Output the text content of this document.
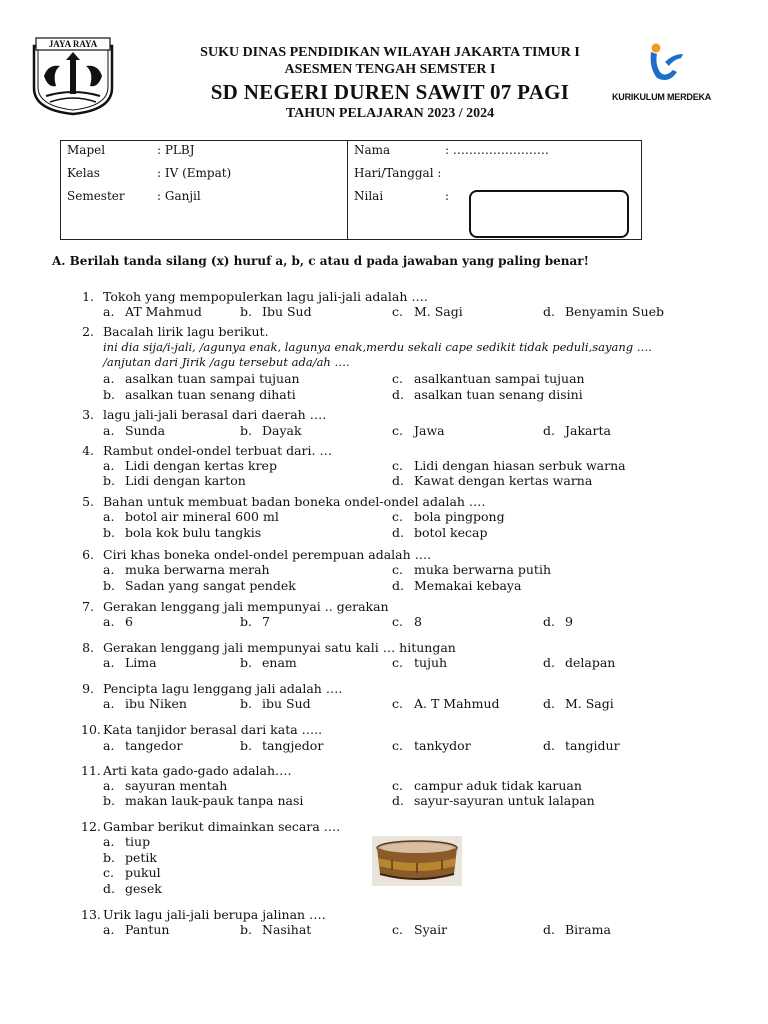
JAYA RAYA
SUKU DINAS PENDIDIKAN WILAYAH JAKARTA TIMUR I
ASESMEN TENGAH SEMSTER I
SD NEGERI DUREN SAWIT 07 PAGI
TAHUN PELAJARAN 2023 / 2024
KURIKULUM MERDEKA
Mapel	: PLBJ
Kelas	: IV (Empat)
Semester	: Ganjil
Nama	: ……………………
Hari/Tanggal :
Nilai	:
A. Berilah tanda silang (x) huruf a, b, c atau d pada jawaban yang paling benar!
1. Tokoh yang mempopulerkan lagu jali-jali adalah ….
a. AT Mahmud	b. Ibu Sud	c. M. Sagi	d. Benyamin Sueb
2. Bacalah lirik lagu berikut.
ini dia sija/i-jali, /agunya enak, lagunya enak,merdu sekali cape sedikit tidak peduli,sayang ….
/anjutan dari Jirik /agu tersebut ada/ah ….
a. asalkan tuan sampai tujuan
b. asalkan tuan senang dihati
c. asalkantuan sampai tujuan
d. asalkan tuan senang disini
3. lagu jali-jali berasal dari daerah ….
a. Sunda	b. Dayak	c. Jawa	d. Jakarta
4. Rambut ondel-ondel terbuat dari. …
a. Lidi dengan kertas krep
b. Lidi dengan karton
c. Lidi dengan hiasan serbuk warna
d. Kawat dengan kertas warna
5. Bahan untuk membuat badan boneka ondel-ondel adalah ….
a. botol air mineral 600 ml
b. bola kok bulu tangkis
c. bola pingpong
d. botol kecap
6. Ciri khas boneka ondel-ondel perempuan adalah ….
a. muka berwarna merah
b. Sadan yang sangat pendek
c. muka berwarna putih
d. Memakai kebaya
7. Gerakan lenggang jali mempunyai .. gerakan
a. 6	b. 7	c. 8	d. 9
8. Gerakan lenggang jali mempunyai satu kali … hitungan
a. Lima	b. enam	c. tujuh	d. delapan
9. Pencipta lagu lenggang jali adalah ….
a. ibu Niken	b. ibu Sud	c. A. T Mahmud	d. M. Sagi
10. Kata tanjidor berasal dari kata …..
a. tangedor	b. tangjedor	c. tankydor	d. tangidur
11. Arti kata gado-gado adalah….
a. sayuran mentah
b. makan lauk-pauk tanpa nasi
c. campur aduk tidak karuan
d. sayur-sayuran untuk lalapan
12. Gambar berikut dimainkan secara ….
a. tiup
b. petik
c. pukul
d. gesek
13. Urik lagu jali-jali berupa jalinan ….
a. Pantun	b. Nasihat	c. Syair	d. Birama
